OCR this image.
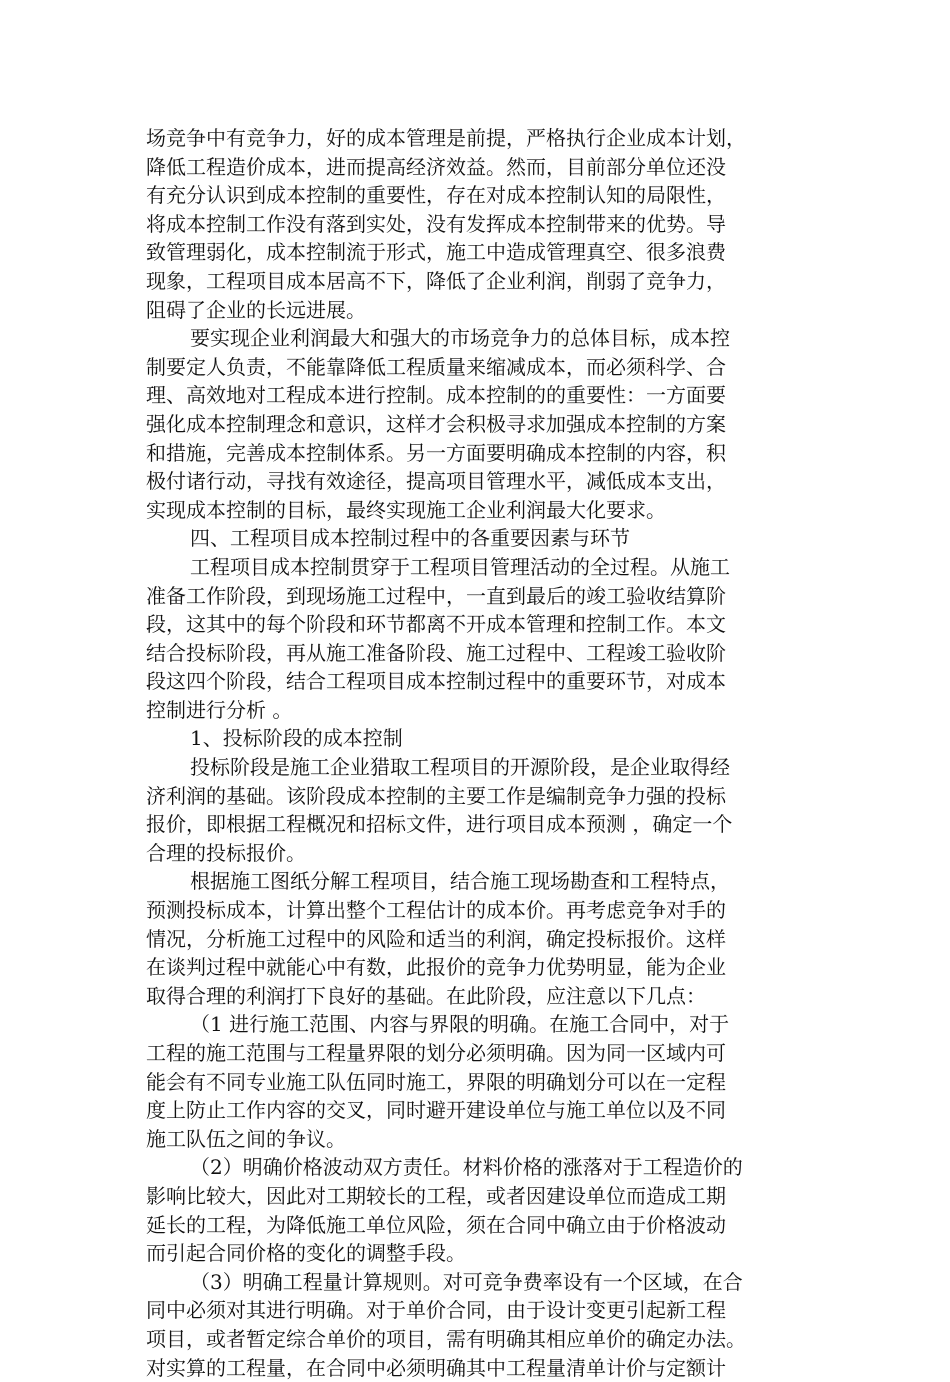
场竞争中有竞争力，好的成本管理是前提，严格执行企业成本计划，
降低工程造价成本，进而提高经济效益。然而，目前部分单位还没
有充分认识到成本控制的重要性，存在对成本控制认知的局限性，
将成本控制工作没有落到实处，没有发挥成本控制带来的优势。导
致管理弱化，成本控制流于形式，施工中造成管理真空、很多浪费
现象，工程项目成本居高不下，降低了企业利润，削弱了竞争力，
阻碍了企业的长远进展。
要实现企业利润最大和强大的市场竞争力的总体目标，成本控
制要定人负责，不能靠降低工程质量来缩减成本，而必须科学、合
理、高效地对工程成本进行控制。成本控制的的重要性：一方面要
强化成本控制理念和意识，这样才会积极寻求加强成本控制的方案
和措施，完善成本控制体系。另一方面要明确成本控制的内容，积
极付诸行动，寻找有效途径，提高项目管理水平，减低成本支出，
实现成本控制的目标，最终实现施工企业利润最大化要求。
四、工程项目成本控制过程中的各重要因素与环节
工程项目成本控制贯穿于工程项目管理活动的全过程。从施工
准备工作阶段，到现场施工过程中，一直到最后的竣工验收结算阶
段，这其中的每个阶段和环节都离不开成本管理和控制工作。本文
结合投标阶段，再从施工准备阶段、施工过程中、工程竣工验收阶
段这四个阶段，结合工程项目成本控制过程中的重要环节，对成本
控制进行分析 。
1、投标阶段的成本控制
投标阶段是施工企业猎取工程项目的开源阶段，是企业取得经
济利润的基础。该阶段成本控制的主要工作是编制竞争力强的投标
报价，即根据工程概况和招标文件，进行项目成本预测 ，确定一个
合理的投标报价。
根据施工图纸分解工程项目，结合施工现场勘查和工程特点，
预测投标成本，计算出整个工程估计的成本价。再考虑竞争对手的
情况，分析施工过程中的风险和适当的利润，确定投标报价。这样
在谈判过程中就能心中有数，此报价的竞争力优势明显，能为企业
取得合理的利润打下良好的基础。在此阶段，应注意以下几点：
（1 进行施工范围、内容与界限的明确。在施工合同中，对于
工程的施工范围与工程量界限的划分必须明确。因为同一区域内可
能会有不同专业施工队伍同时施工，界限的明确划分可以在一定程
度上防止工作内容的交叉，同时避开建设单位与施工单位以及不同
施工队伍之间的争议。
（2）明确价格波动双方责任。材料价格的涨落对于工程造价的
影响比较大，因此对工期较长的工程，或者因建设单位而造成工期
延长的工程，为降低施工单位风险，须在合同中确立由于价格波动
而引起合同价格的变化的调整手段。
（3）明确工程量计算规则。对可竞争费率设有一个区域，在合
同中必须对其进行明确。对于单价合同，由于设计变更引起新工程
项目，或者暂定综合单价的项目，需有明确其相应单价的确定办法。
对实算的工程量，在合同中必须明确其中工程量清单计价与定额计
